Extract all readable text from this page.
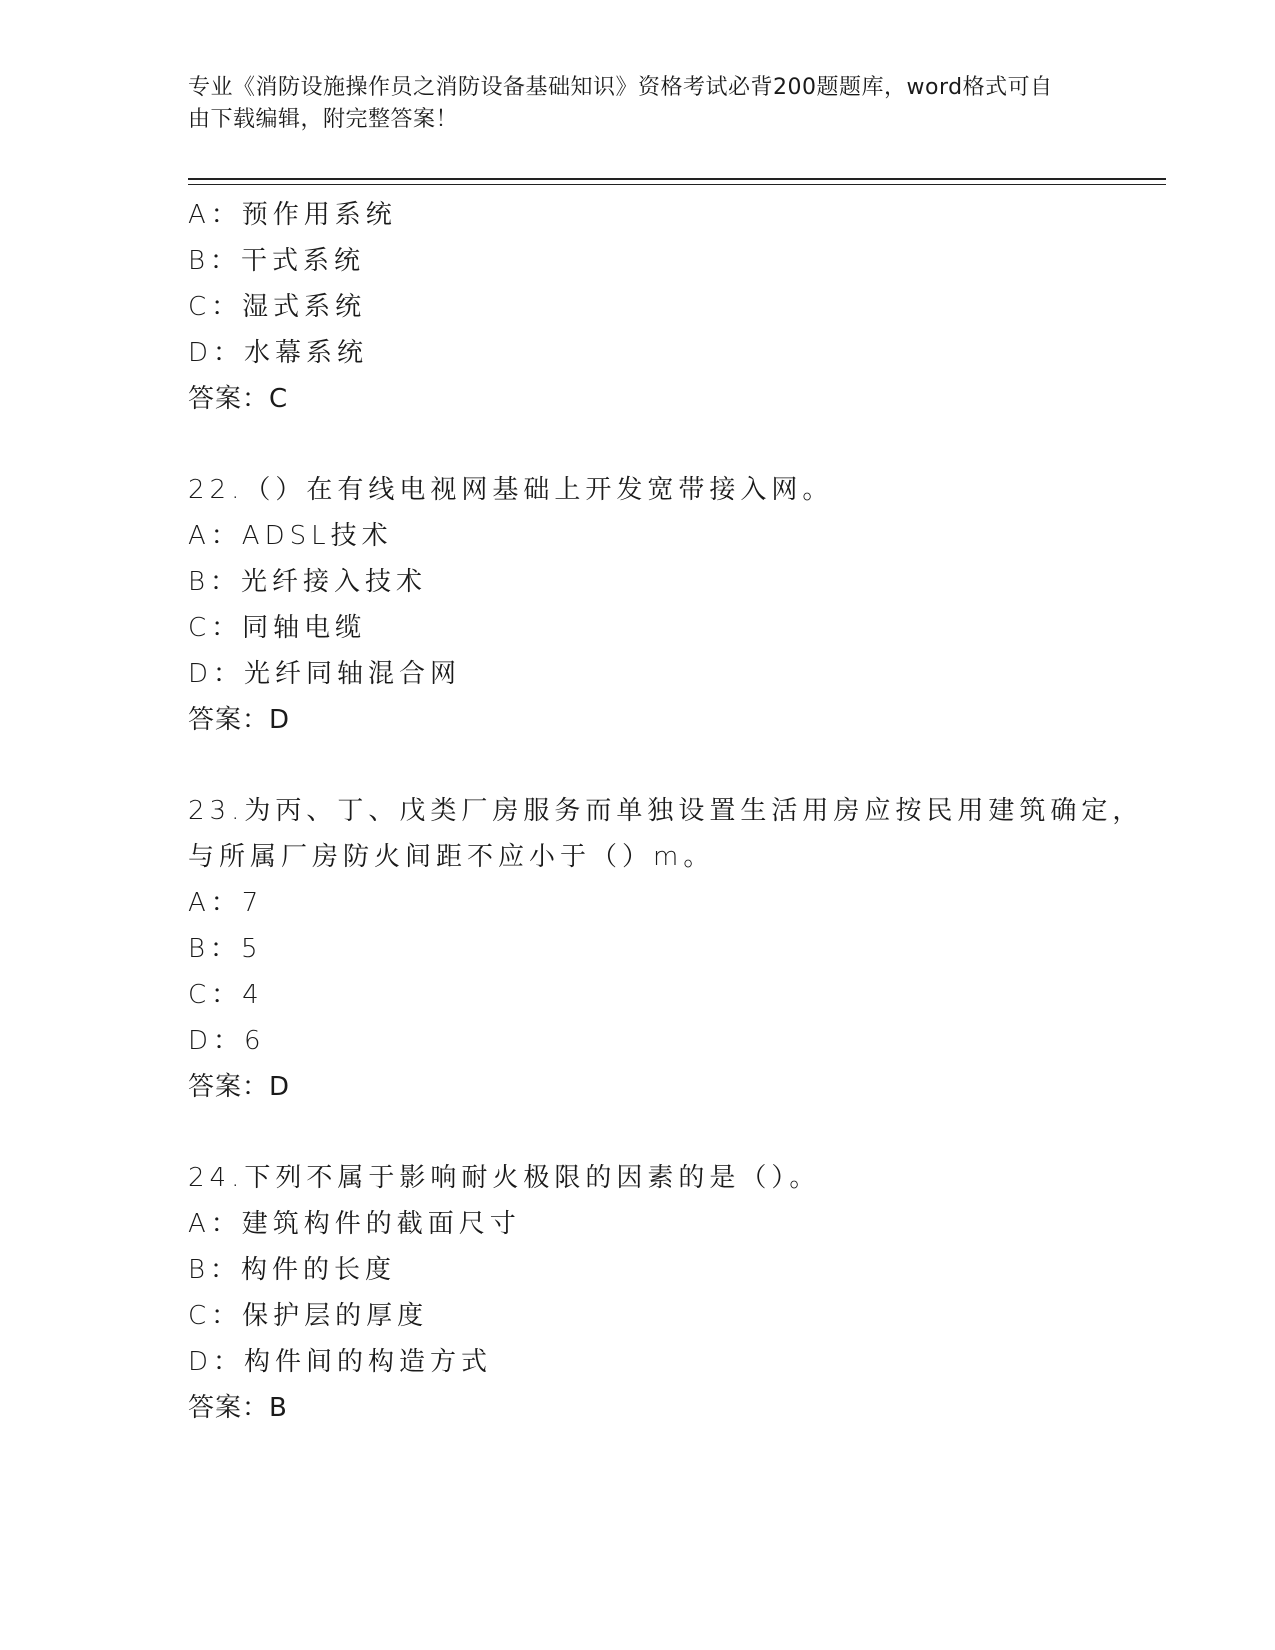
专业《消防设施操作员之消防设备基础知识》资格考试必背200题题库，word格式可自由下载编辑，附完整答案！
A：预作用系统
B：干式系统
C：湿式系统
D：水幕系统
答案：C
22.（）在有线电视网基础上开发宽带接入网。
A：ADSL技术
B：光纤接入技术
C：同轴电缆
D：光纤同轴混合网
答案：D
23.为丙、丁、戊类厂房服务而单独设置生活用房应按民用建筑确定，
与所属厂房防火间距不应小于（）m。
A：7
B：5
C：4
D：6
答案：D
24.下列不属于影响耐火极限的因素的是（）。
A：建筑构件的截面尺寸
B：构件的长度
C：保护层的厚度
D：构件间的构造方式
答案：B
